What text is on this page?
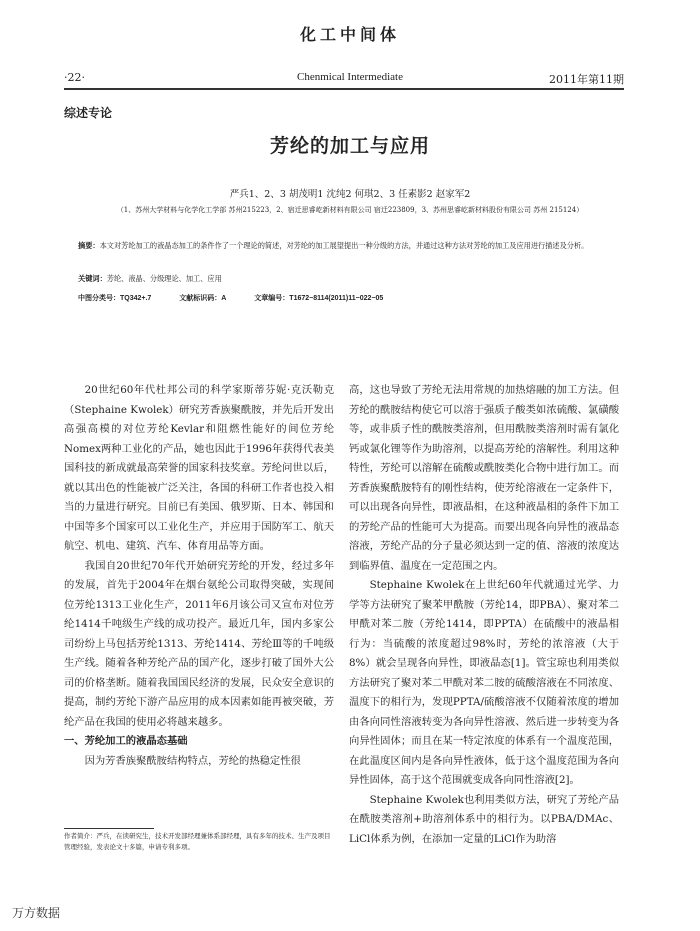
化工中间体
·22·	Chenmical Intermediate	2011年第11期
综述专论
芳纶的加工与应用
严兵1、2、3 胡茂明1 沈纯2 何琪2、3 任素影2 赵家军2
（1、苏州大学材料与化学化工学部 苏州215223，2、宿迁思睿屹新材料有限公司 宿迁223809，3、苏州思睿屹新材料股份有限公司 苏州 215124）
摘要：本文对芳纶加工的液晶态加工的条件作了一个理论的简述，对芳纶的加工展望提出一种分级的方法，并通过这种方法对芳纶的加工及应用进行描述及分析。
关键词：芳纶、液晶、分级理论、加工、应用
中图分类号：TQ342+.7	文献标识码：A	文章编号：T1672−8114(2011)11−022−05

20世纪60年代杜邦公司的科学家斯蒂芬妮·克沃勒克（Stephaine Kwolek）研究芳香族聚酰胺，并先后开发出高强高模的对位芳纶Kevlar和阻燃性能好的间位芳纶Nomex两种工业化的产品，她也因此于1996年获得代表美国科技的新成就最高荣誉的国家科技奖章。芳纶问世以后，就以其出色的性能被广泛关注，各国的科研工作者也投入相当的力量进行研究。目前已有美国、俄罗斯、日本、韩国和中国等多个国家可以工业化生产，并应用于国防军工、航天航空、机电、建筑、汽车、体育用品等方面。

我国自20世纪70年代开始研究芳纶的开发，经过多年的发展，首先于2004年在烟台氨纶公司取得突破，实现间位芳纶1313工业化生产，2011年6月该公司又宣布对位芳纶1414千吨级生产线的成功投产。最近几年，国内多家公司纷纷上马包括芳纶1313、芳纶1414、芳纶Ⅲ等的千吨级生产线。随着各种芳纶产品的国产化，逐步打破了国外大公司的价格垄断。随着我国国民经济的发展，民众安全意识的提高，制约芳纶下游产品应用的成本因素如能再被突破，芳纶产品在我国的使用必将越来越多。

一、芳纶加工的液晶态基础

因为芳香族聚酰胺结构特点，芳纶的热稳定性很

高，这也导致了芳纶无法用常规的加热熔融的加工方法。但芳纶的酰胺结构使它可以溶于强质子酸类如浓硫酸、氯磺酸等，或非质子性的酰胺类溶剂，但用酰胺类溶剂时需有氯化钙或氯化锂等作为助溶剂，以提高芳纶的溶解性。利用这种特性，芳纶可以溶解在硫酸或酰胺类化合物中进行加工。而芳香族聚酰胺特有的刚性结构，使芳纶溶液在一定条件下，可以出现各向异性，即液晶相，在这种液晶相的条件下加工的芳纶产品的性能可大为提高。而要出现各向异性的液晶态溶液，芳纶产品的分子量必须达到一定的值、溶液的浓度达到临界值、温度在一定范围之内。

Stephaine Kwolek在上世纪60年代就通过光学、力学等方法研究了聚苯甲酰胺（芳纶14，即PBA）、聚对苯二甲酰对苯二胺（芳纶1414，即PPTA）在硫酸中的液晶相行为：当硫酸的浓度超过98%时，芳纶的浓溶液（大于8%）就会呈现各向异性，即液晶态[1]。管宝琼也利用类似方法研究了聚对苯二甲酰对苯二胺的硫酸溶液在不同浓度、温度下的相行为，发现PPTA/硫酸溶液不仅随着浓度的增加由各向同性溶液转变为各向异性溶液、然后进一步转变为各向异性固体；而且在某一特定浓度的体系有一个温度范围，在此温度区间内是各向异性液体，低于这个温度范围为各向异性固体，高于这个范围就变成各向同性溶液[2]。

Stephaine Kwolek也利用类似方法，研究了芳纶产品在酰胺类溶剂+助溶剂体系中的相行为。以PBA/DMAc、LiCl体系为例，在添加一定量的LiCl作为助溶

作者简介：严兵，在读研究生，技术开发部经理兼体系部经理，具有多年的技术、生产及项目管理经验，发表论文十多篇，申请专利多项。
万方数据
